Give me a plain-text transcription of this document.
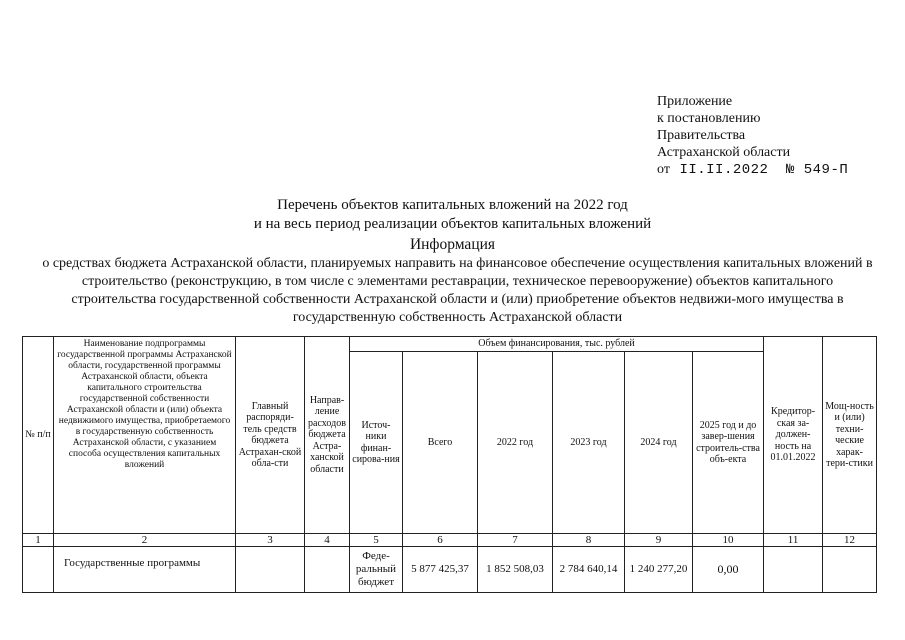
Приложение
к постановлению
Правительства
Астраханской области
от II.II.2022 № 549-П
Перечень объектов капитальных вложений на 2022 год
и на весь период реализации объектов капитальных вложений
Информация
о средствах бюджета Астраханской области, планируемых направить на финансовое обеспечение осуществления капитальных вложений в строительство (реконструкцию, в том числе с элементами реставрации, техническое перевооружение) объектов капитального строительства государственной собственности Астраханской области и (или) приобретение объектов недвижи-мого имущества в государственную собственность Астраханской области
№ п/п	Наименование подпрограммы государственной программы Астраханской области, государственной программы Астраханской области, объекта капитального строительства государственной собственности Астраханской области и (или) объекта недвижимого имущества, приобретаемого в государственную собственность Астраханской области, с указанием способа осуществления капитальных вложений	Главный распоряди-тель средств бюджета Астрахан-ской обла-сти	Направ-ление расходов бюджета Астра-ханской области	Объем финансирования, тыс. рублей						Кредитор-ская за-должен-ность на 01.01.2022	Мощ-ность и (или) техни-ческие харак-тери-стики
				Источ-ники финан-сирова-ния	Всего	2022 год	2023 год	2024 год	2025 год и до завер-шения строитель-ства объ-екта		
1	2	3	4	5	6	7	8	9	10	11	12
	Государственные программы			Феде-ральный бюджет	5 877 425,37	1 852 508,03	2 784 640,14	1 240 277,20	0,00		
